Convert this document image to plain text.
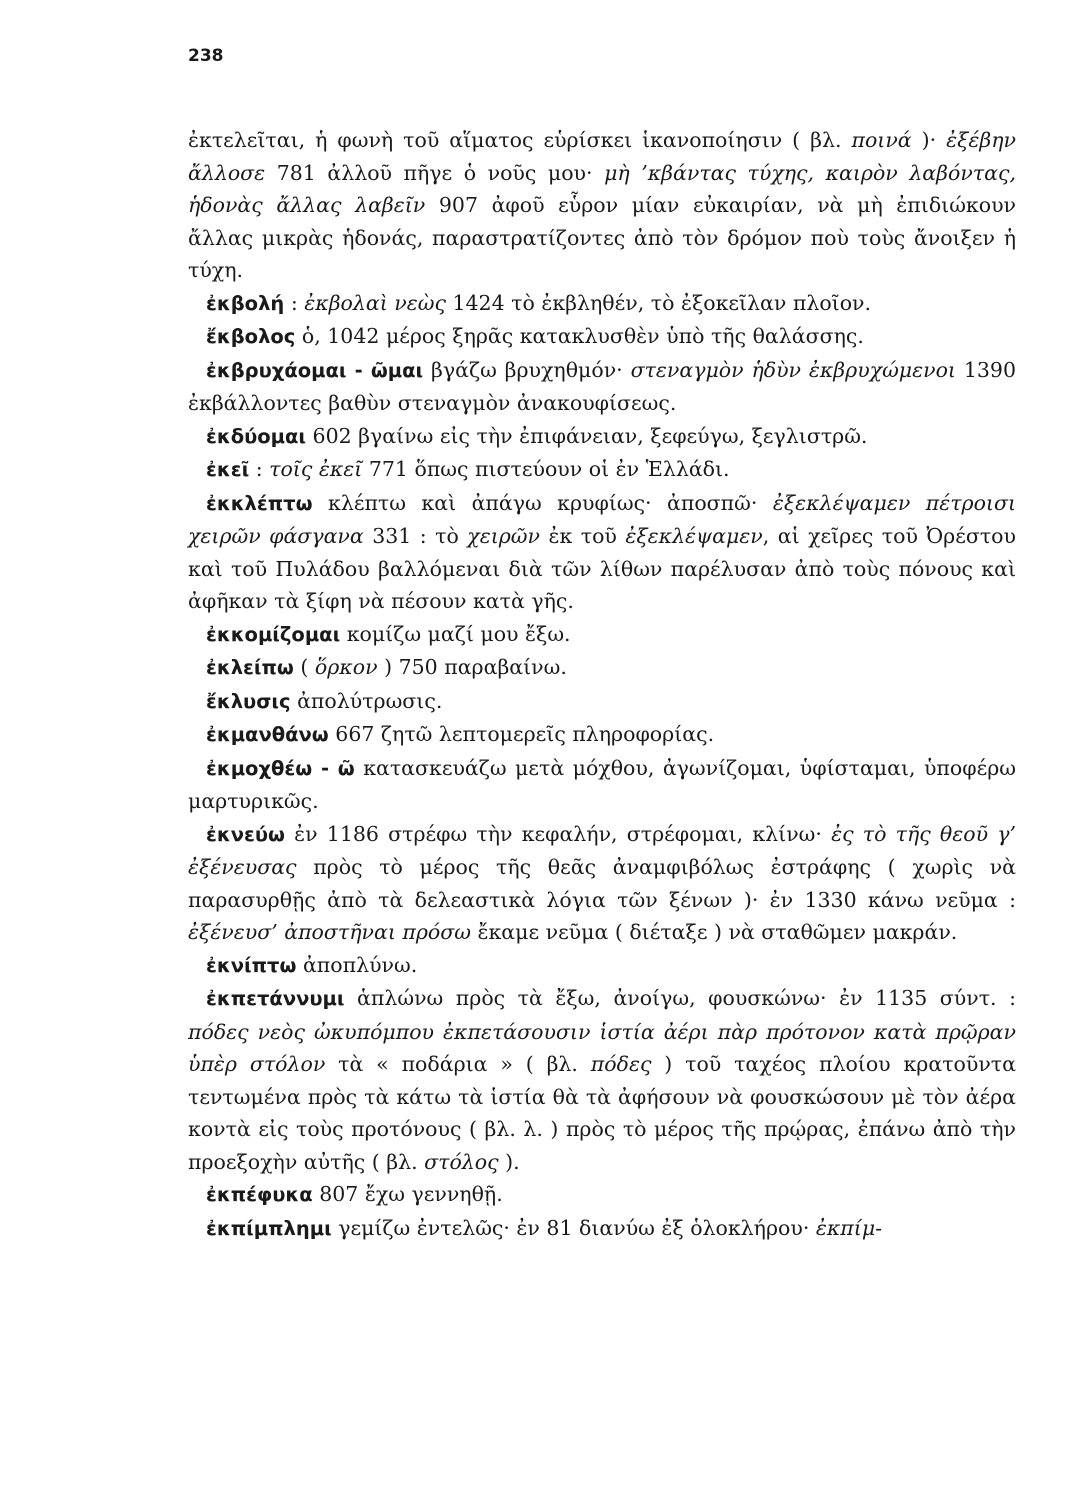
238

ἐκτελεῖται, ἡ φωνὴ τοῦ αἵματος εὑρίσκει ἱκανοποίησιν ( βλ. ποινά )· ἐξέβην ἄλλοσε 781 ἀλλοῦ πῆγε ὁ νοῦς μου· μὴ ’κβάντας τύχης, καιρὸν λαβόντας, ἡδονὰς ἄλλας λαβεῖν 907 ἀφοῦ εὗρον μίαν εὐκαιρίαν, νὰ μὴ ἐπιδιώκουν ἄλλας μικρὰς ἡδονάς, παραστρατίζοντες ἀπὸ τὸν δρόμον ποὺ τοὺς ἄνοιξεν ἡ τύχη.

ἐκβολή : ἐκβολαὶ νεὼς 1424 τὸ ἐκβληθέν, τὸ ἐξοκεῖλαν πλοῖον.

ἔκβολος ὁ, 1042 μέρος ξηρᾶς κατακλυσθὲν ὑπὸ τῆς θαλάσσης.

ἐκβρυχάομαι - ῶμαι βγάζω βρυχηθμόν· στεναγμὸν ἡδὺν ἐκβρυχώμενοι 1390 ἐκβάλλοντες βαθὺν στεναγμὸν ἀνακουφίσεως.

ἐκδύομαι 602 βγαίνω εἰς τὴν ἐπιφάνειαν, ξεφεύγω, ξεγλιστρῶ.

ἐκεῖ : τοῖς ἐκεῖ 771 ὅπως πιστεύουν οἱ ἐν Ἑλλάδι.

ἐκκλέπτω κλέπτω καὶ ἀπάγω κρυφίως· ἀποσπῶ· ἐξεκλέψαμεν πέτροισι χειρῶν φάσγανα 331 : τὸ χειρῶν ἐκ τοῦ ἐξεκλέψαμεν, αἱ χεῖρες τοῦ Ὀρέστου καὶ τοῦ Πυλάδου βαλλόμεναι διὰ τῶν λίθων παρέλυσαν ἀπὸ τοὺς πόνους καὶ ἀφῆκαν τὰ ξίφη νὰ πέσουν κατὰ γῆς.

ἐκκομίζομαι κομίζω μαζί μου ἔξω.

ἐκλείπω ( ὅρκον ) 750 παραβαίνω.

ἔκλυσις ἀπολύτρωσις.

ἐκμανθάνω 667 ζητῶ λεπτομερεῖς πληροφορίας.

ἐκμοχθέω - ῶ κατασκευάζω μετὰ μόχθου, ἀγωνίζομαι, ὑφίσταμαι, ὑποφέρω μαρτυρικῶς.

ἐκνεύω ἐν 1186 στρέφω τὴν κεφαλήν, στρέφομαι, κλίνω· ἐς τὸ τῆς θεοῦ γ’ ἐξένευσας πρὸς τὸ μέρος τῆς θεᾶς ἀναμφιβόλως ἐστράφης ( χωρὶς νὰ παρασυρθῇς ἀπὸ τὰ δελεαστικὰ λόγια τῶν ξένων )· ἐν 1330 κάνω νεῦμα : ἐξένευσ’ ἀποστῆναι πρόσω ἔκαμε νεῦμα ( διέταξε ) νὰ σταθῶμεν μακράν.

ἐκνίπτω ἀποπλύνω.

ἐκπετάννυμι ἁπλώνω πρὸς τὰ ἔξω, ἀνοίγω, φουσκώνω· ἐν 1135 σύντ. : πόδες νεὸς ὠκυπόμπου ἐκπετάσουσιν ἱστία ἀέρι πὰρ πρότονον κατὰ πρῷραν ὑπὲρ στόλον τὰ « ποδάρια » ( βλ. πόδες ) τοῦ ταχέος πλοίου κρατοῦντα τεντωμένα πρὸς τὰ κάτω τὰ ἱστία θὰ τὰ ἀφήσουν νὰ φουσκώσουν μὲ τὸν ἀέρα κοντὰ εἰς τοὺς προτόνους ( βλ. λ. ) πρὸς τὸ μέρος τῆς πρῴρας, ἐπάνω ἀπὸ τὴν προεξοχὴν αὐτῆς ( βλ. στόλος ).

ἐκπέφυκα 807 ἔχω γεννηθῇ.

ἐκπίμπλημι γεμίζω ἐντελῶς· ἐν 81 διανύω ἐξ ὁλοκλήρου· ἐκπίμ-
